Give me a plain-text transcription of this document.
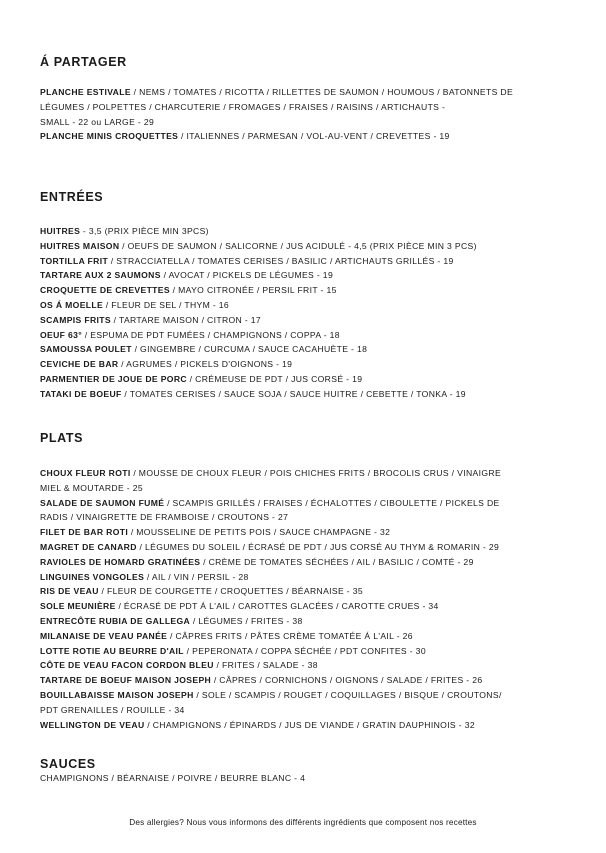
Á PARTAGER
PLANCHE ESTIVALE / NEMS / TOMATES / RICOTTA / RILLETTES DE SAUMON / HOUMOUS / BATONNETS DE
LÉGUMES / POLPETTES / CHARCUTERIE / FROMAGES / FRAISES / RAISINS / ARTICHAUTS -
SMALL - 22 ou LARGE - 29
PLANCHE MINIS CROQUETTES / ITALIENNES / PARMESAN / VOL-AU-VENT / CREVETTES - 19
ENTRÉES
HUITRES - 3,5 (PRIX PIÈCE MIN 3PCS)
HUITRES MAISON / OEUFS DE SAUMON / SALICORNE / JUS ACIDULÉ - 4,5 (PRIX PIÈCE MIN 3 PCS)
TORTILLA FRIT / STRACCIATELLA / TOMATES CERISES / BASILIC / ARTICHAUTS GRILLÉS - 19
TARTARE AUX 2 SAUMONS / AVOCAT / PICKELS DE LÉGUMES - 19
CROQUETTE DE CREVETTES / MAYO CITRONÉE / PERSIL FRIT - 15
OS Á MOELLE / FLEUR DE SEL / THYM - 16
SCAMPIS FRITS / TARTARE MAISON / CITRON - 17
OEUF 63° / ESPUMA DE PDT FUMÉES / CHAMPIGNONS / COPPA - 18
SAMOUSSA POULET / GINGEMBRE / CURCUMA / SAUCE CACAHUÈTE - 18
CEVICHE DE BAR / AGRUMES / PICKELS D'OIGNONS - 19
PARMENTIER DE JOUE DE PORC / CRÉMEUSE DE PDT / JUS CORSÉ - 19
TATAKI DE BOEUF / TOMATES CERISES / SAUCE SOJA / SAUCE HUITRE / CEBETTE / TONKA - 19
PLATS
CHOUX FLEUR ROTI / MOUSSE DE CHOUX FLEUR / POIS CHICHES FRITS / BROCOLIS CRUS / VINAIGRE
MIEL & MOUTARDE - 25
SALADE DE SAUMON FUMÉ / SCAMPIS GRILLÉS / FRAISES / ÉCHALOTTES / CIBOULETTE / PICKELS DE
RADIS / VINAIGRETTE DE FRAMBOISE / CROUTONS - 27
FILET DE BAR ROTI / MOUSSELINE DE PETITS POIS / SAUCE CHAMPAGNE - 32
MAGRET DE CANARD / LÉGUMES DU SOLEIL / ÉCRASÉ DE PDT / JUS CORSÉ AU THYM & ROMARIN - 29
RAVIOLES DE HOMARD GRATINÉES / CRÈME DE TOMATES SÉCHÉES / AIL / BASILIC / COMTÉ - 29
LINGUINES VONGOLES / AIL / VIN / PERSIL - 28
RIS DE VEAU / FLEUR DE COURGETTE / CROQUETTES / BÉARNAISE - 35
SOLE MEUNIÈRE / ÉCRASÉ DE PDT Á L'AIL / CAROTTES GLACÉES / CAROTTE CRUES - 34
ENTRECÔTE RUBIA DE GALLEGA / LÉGUMES / FRITES - 38
MILANAISE DE VEAU PANÉE / CÂPRES FRITS / PÂTES CRÈME TOMATÉE Á L'AIL - 26
LOTTE ROTIE AU BEURRE D'AIL / PEPERONATA / COPPA SÉCHÉE / PDT CONFITES - 30
CÔTE DE VEAU FACON CORDON BLEU / FRITES / SALADE - 38
TARTARE DE BOEUF MAISON JOSEPH / CÂPRES / CORNICHONS / OIGNONS / SALADE / FRITES - 26
BOUILLABAISSE MAISON JOSEPH / SOLE / SCAMPIS / ROUGET / COQUILLAGES / BISQUE / CROUTONS/
PDT GRENAILLES / ROUILLE - 34
WELLINGTON DE VEAU / CHAMPIGNONS / ÉPINARDS / JUS DE VIANDE / GRATIN DAUPHINOIS - 32
SAUCES
CHAMPIGNONS / BÉARNAISE / POIVRE / BEURRE BLANC - 4
Des allergies? Nous vous informons des différents ingrédients que composent nos recettes
